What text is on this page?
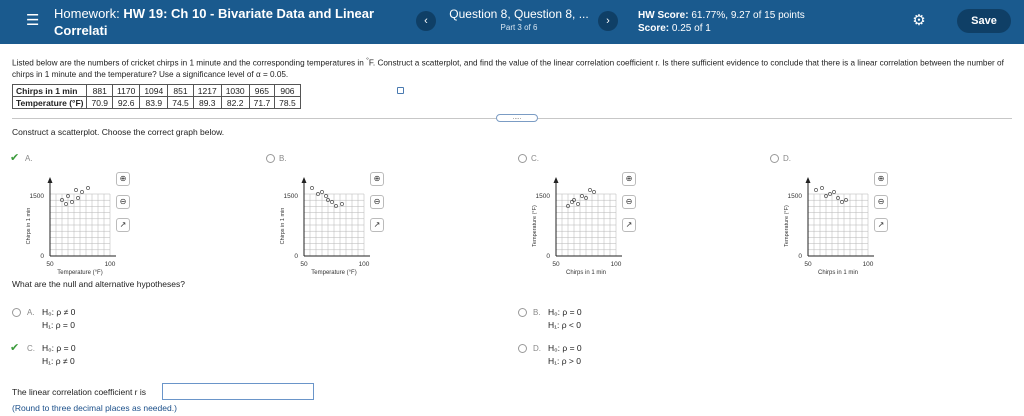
☰ Homework: HW 19: Ch 10 - Bivariate Data and Linear
Correlati
‹	Question 8, Question 8, ...
Part 3 of 6
›	HW Score: 61.77%, 9.27 of 15 points
Score: 0.25 of 1	⚙	Save
Listed below are the numbers of cricket chirps in 1 minute and the corresponding temperatures in °F. Construct a scatterplot, and find the value of the linear correlation coefficient r. Is there sufficient evidence to conclude that there is a linear correlation between the number of chirps in 1 minute and the temperature? Use a significance level of α = 0.05.
Chirps in 1 min	881	1170	1094	851	1217	1030	965	906
Temperature (°F)	70.9	92.6	83.9	74.5	89.3	82.2	71.7	78.5
.....
Construct a scatterplot. Choose the correct graph below.
✔ A.
1500
0
50	100
Temperature (°F)
Chirps in 1 min
⊕
⊖
↗
B.
1500
0
50	100
Temperature (°F)
Chirps in 1 min
⊕
⊖
↗
C.
1500
0
50	100
Chirps in 1 min
Temperature (°F)
⊕
⊖
↗
D.
1500
0
50	100
Chirps in 1 min
Temperature (°F)
⊕
⊖
↗
What are the null and alternative hypotheses?
A. H₀: ρ ≠ 0
H₁: ρ = 0
B. H₀: ρ = 0
H₁: ρ < 0
✔ C. H₀: ρ = 0
H₁: ρ ≠ 0
D. H₀: ρ = 0
H₁: ρ > 0
The linear correlation coefficient r is
(Round to three decimal places as needed.)
